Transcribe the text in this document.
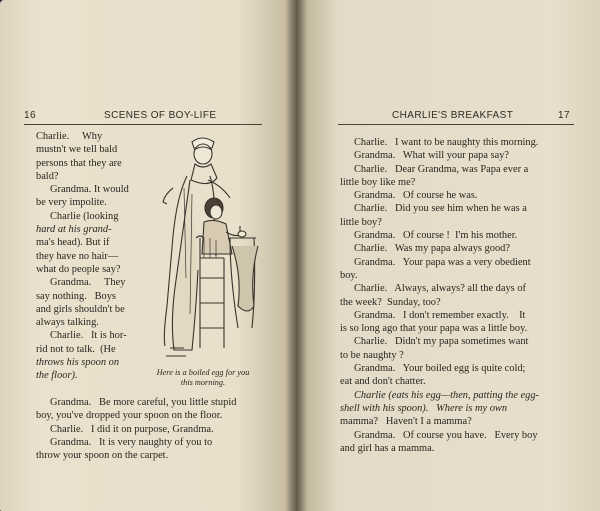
16	SCENES OF BOY-LIFE

Charlie.     Why

mustn't we tell bald

persons that they are

bald?

Grandma. It would

be very impolite.

Charlie (looking

hard at his grand-

ma's head). But if

they have no hair—

what do people say?

Grandma.     They

say nothing.   Boys

and girls shouldn't be

always talking.

Charlie.   It is hor-

rid not to talk.  (He

throws his spoon on

the floor).	Here is a boiled egg for you
this morning.

Grandma.   Be more careful, you little stupid

boy, you've dropped your spoon on the floor.

Charlie.   I did it on purpose, Grandma.

Grandma.   It is very naughty of you to

throw your spoon on the carpet.

CHARLIE'S BREAKFAST	17

Charlie.   I want to be naughty this morning.

Grandma.   What will your papa say?

Charlie.   Dear Grandma, was Papa ever a

little boy like me?

Grandma.   Of course he was.

Charlie.   Did you see him when he was a

little boy?

Grandma.   Of course !  I'm his mother.

Charlie.   Was my papa always good?

Grandma.   Your papa was a very obedient

boy.

Charlie.   Always, always? all the days of

the week?  Sunday, too?

Grandma.   I don't remember exactly.    It

is so long ago that your papa was a little boy.

Charlie.   Didn't my papa sometimes want

to be naughty ?

Grandma.   Your boiled egg is quite cold;

eat and don't chatter.

Charlie (eats his egg—then, patting the egg-

shell with his spoon).   Where is my own

mamma?   Haven't I a mamma?

Grandma.   Of course you have.   Every boy

and girl has a mamma.
